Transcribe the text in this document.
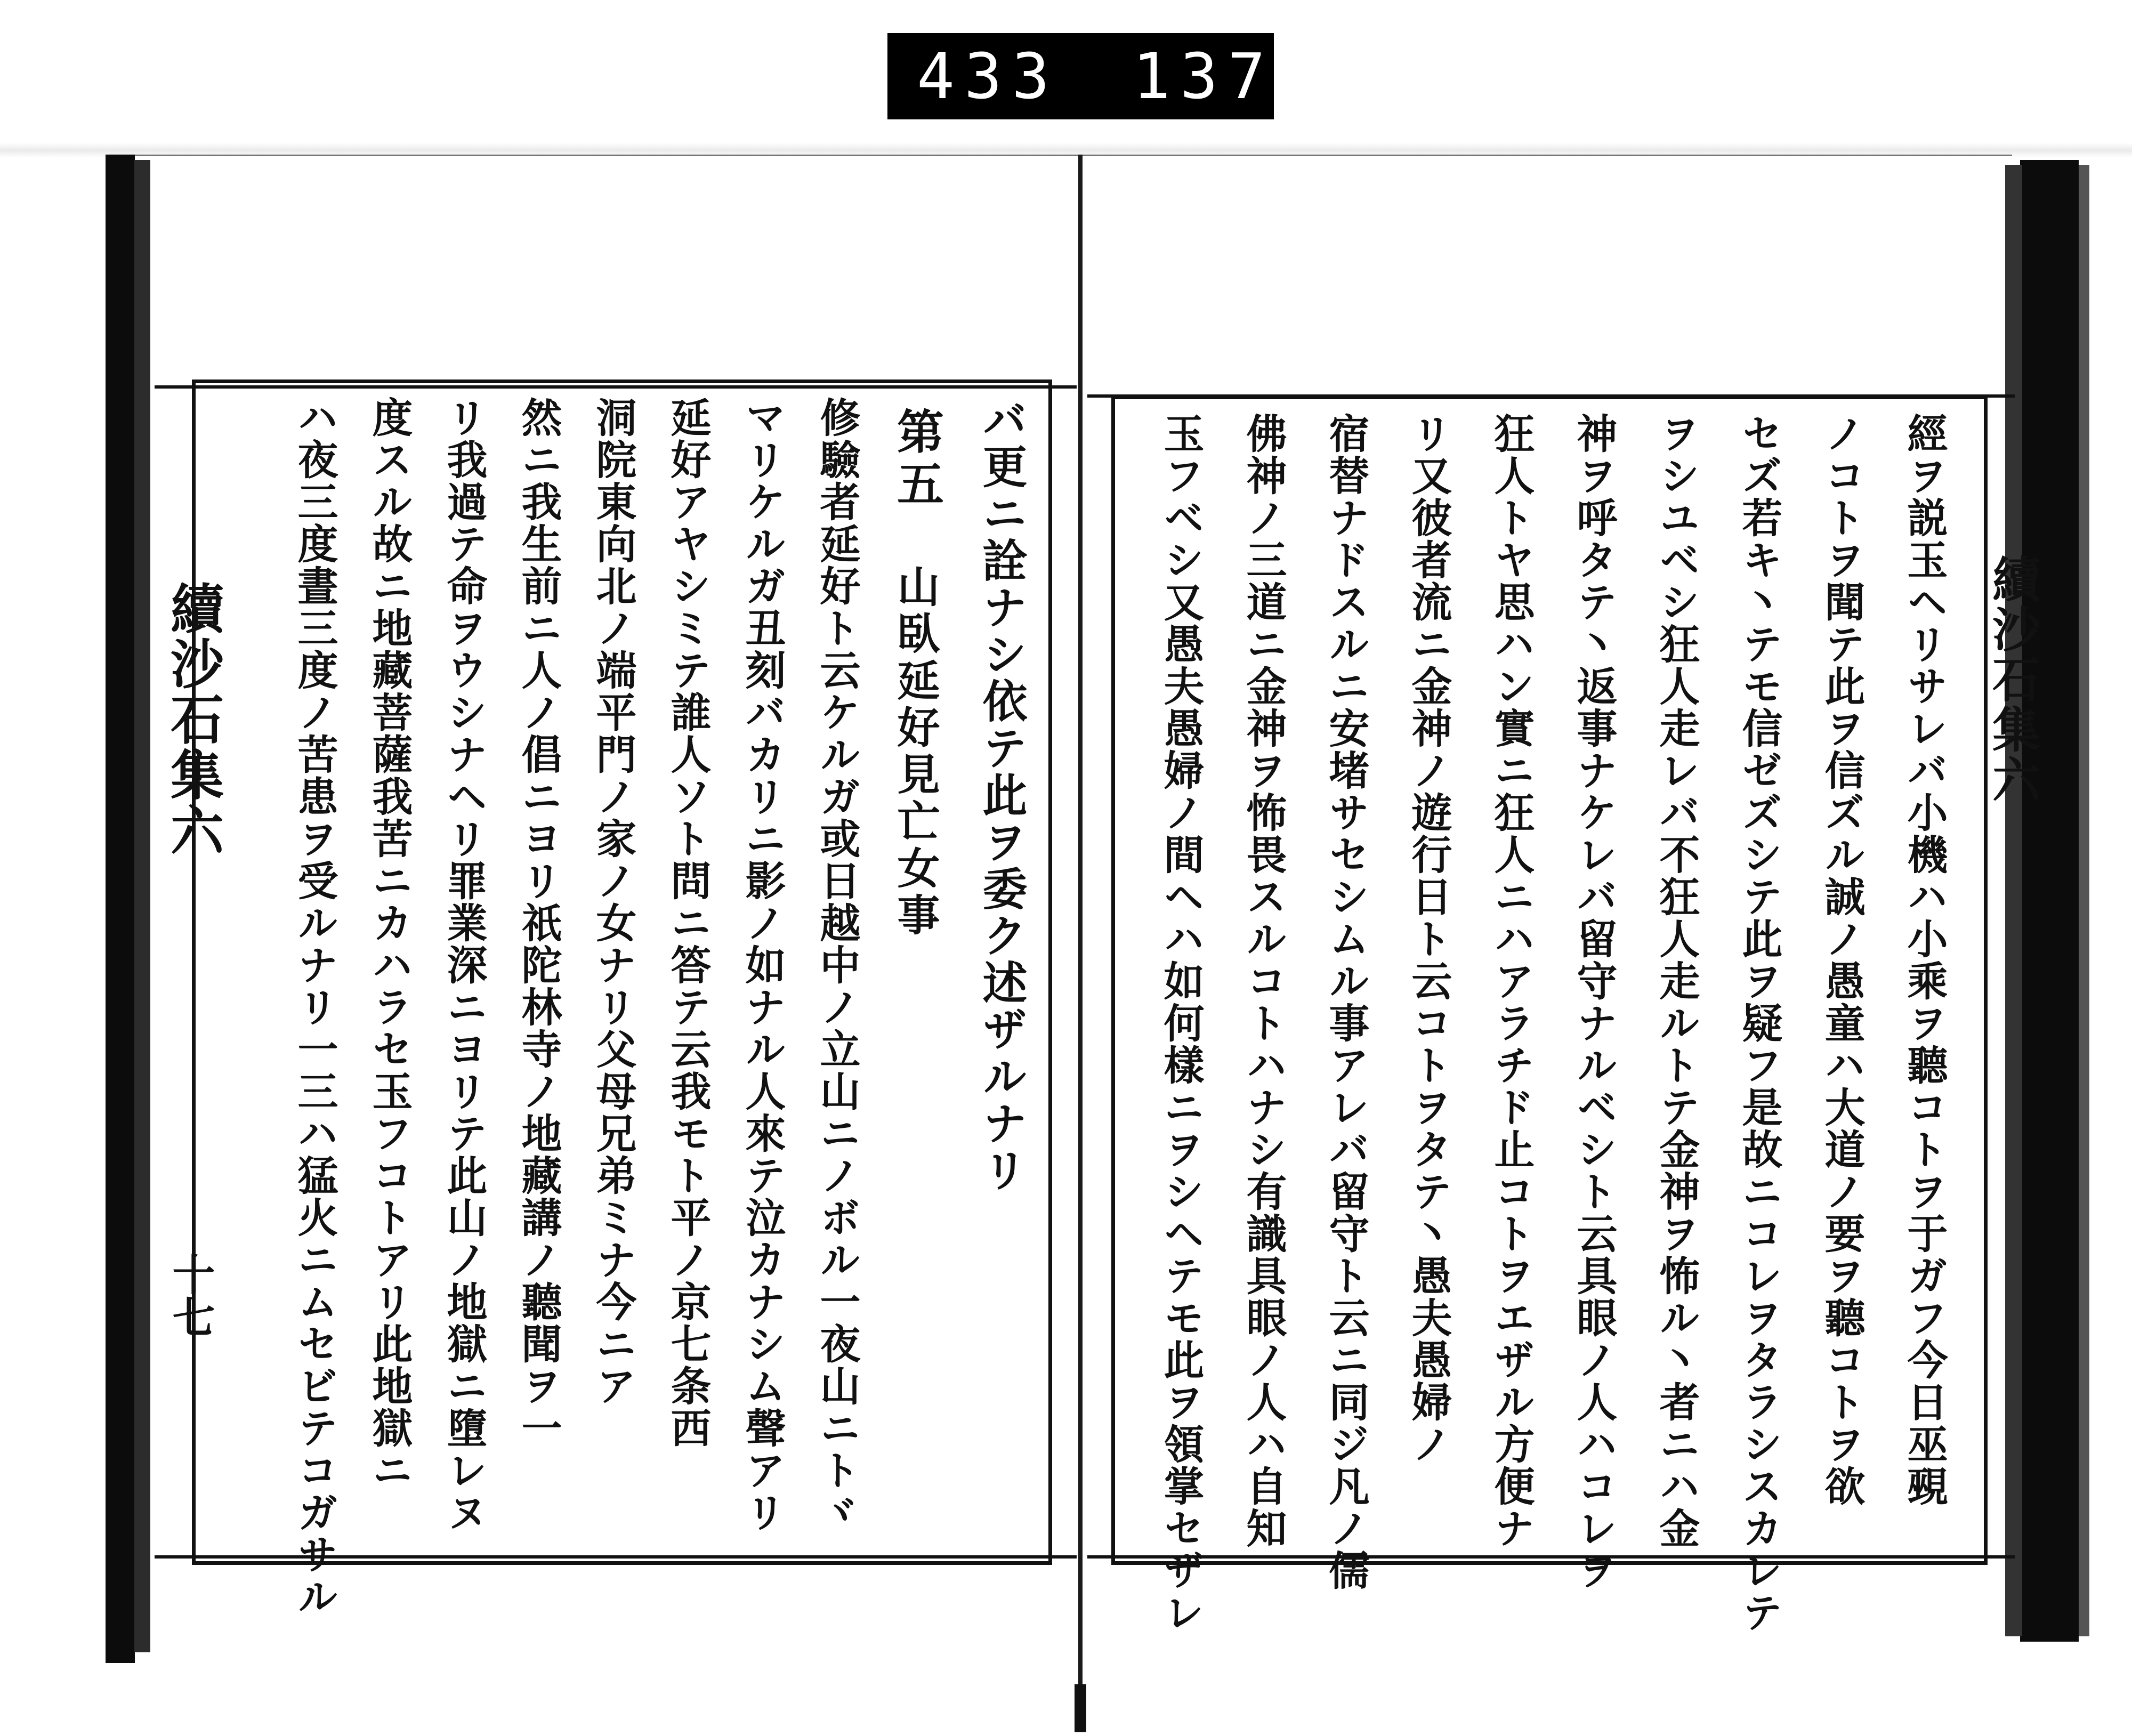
433 137.
續沙石集六
十七
續沙石集六
バ更ニ詮ナシ依テ此ヲ委ク述ザルナリ
第五
山臥延好見亡女事
修驗者延好ト云ケルガ或日越中ノ立山ニノボル一夜山ニトヾ
マリケルガ丑刻バカリニ影ノ如ナル人來テ泣カナシム聲アリ
延好アヤシミテ誰人ソト問ニ答テ云我モト平ノ京七条西
洞院東向北ノ端平門ノ家ノ女ナリ父母兄弟ミナ今ニア
然ニ我生前ニ人ノ倡ニヨリ祇陀林寺ノ地藏講ノ聽聞ヲ一
リ我過テ命ヲウシナヘリ罪業深ニヨリテ此山ノ地獄ニ墮レヌ
度スル故ニ地藏菩薩我苦ニカハラセ玉フコトアリ此地獄ニ
ハ夜三度晝三度ノ苦患ヲ受ルナリ一三ハ猛火ニムセビテコガサル	經ヲ説玉ヘリサレバ小機ハ小乘ヲ聽コトヲ于ガフ今日巫覡
ノコトヲ聞テ此ヲ信ズル誠ノ愚童ハ大道ノ要ヲ聽コトヲ欲
セズ若キ丶テモ信ゼズシテ此ヲ疑フ是故ニコレヲタラシスカレテ
ヲシユベシ狂人走レバ不狂人走ルトテ金神ヲ怖ル丶者ニハ金
神ヲ呼タテ丶返事ナケレバ留守ナルベシト云具眼ノ人ハコレヲ
狂人トヤ思ハン實ニ狂人ニハアラチド止コトヲエザル方便ナ
リ又彼者流ニ金神ノ遊行日ト云コトヲタテ丶愚夫愚婦ノ
宿替ナドスルニ安堵サセシムル事アレバ留守ト云ニ同ジ凡ノ儒
佛神ノ三道ニ金神ヲ怖畏スルコトハナシ有識具眼ノ人ハ自知
玉フベシ又愚夫愚婦ノ間ヘハ如何樣ニヲシヘテモ此ヲ領掌セザレ
